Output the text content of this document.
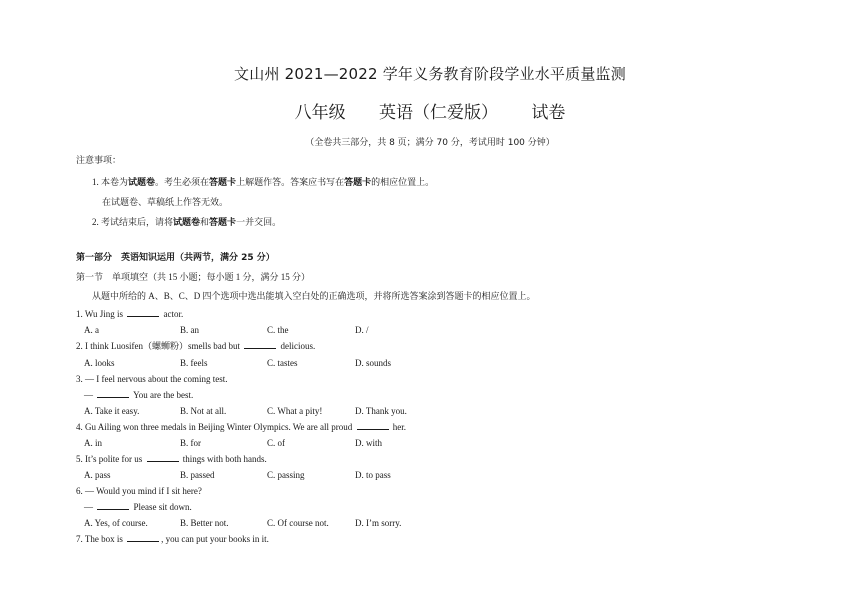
文山州 2021—2022 学年义务教育阶段学业水平质量监测
八年级 英语（仁爱版） 试卷
（全卷共三部分，共 8 页；满分 70 分，考试用时 100 分钟）
注意事项：
1. 本卷为试题卷。考生必须在答题卡上解题作答。答案应书写在答题卡的相应位置上。
在试题卷、草稿纸上作答无效。
2. 考试结束后，请将试题卷和答题卡一并交回。
第一部分　英语知识运用（共两节，满分 25 分）
第一节　单项填空（共 15 小题；每小题 1 分，满分 15 分）
从题中所给的 A、B、C、D 四个选项中选出能填入空白处的正确选项，并将所选答案涂到答题卡的相应位置上。
1. Wu Jing is	actor.
A. a	B. an	C. the	D. /
2. I think Luosifen（螺蛳粉）smells bad but	delicious.
A. looks	B. feels	C. tastes	D. sounds
3. — I feel nervous about the coming test.
—	You are the best.
A. Take it easy.	B. Not at all.	C. What a pity!	D. Thank you.
4. Gu Ailing won three medals in Beijing Winter Olympics. We are all proud	her.
A. in	B. for	C. of	D. with
5. It’s polite for us	things with both hands.
A. pass	B. passed	C. passing	D. to pass
6. — Would you mind if I sit here?
—	Please sit down.
A. Yes, of course.	B. Better not.	C. Of course not.	D. I’m sorry.
7. The box is	, you can put your books in it.
